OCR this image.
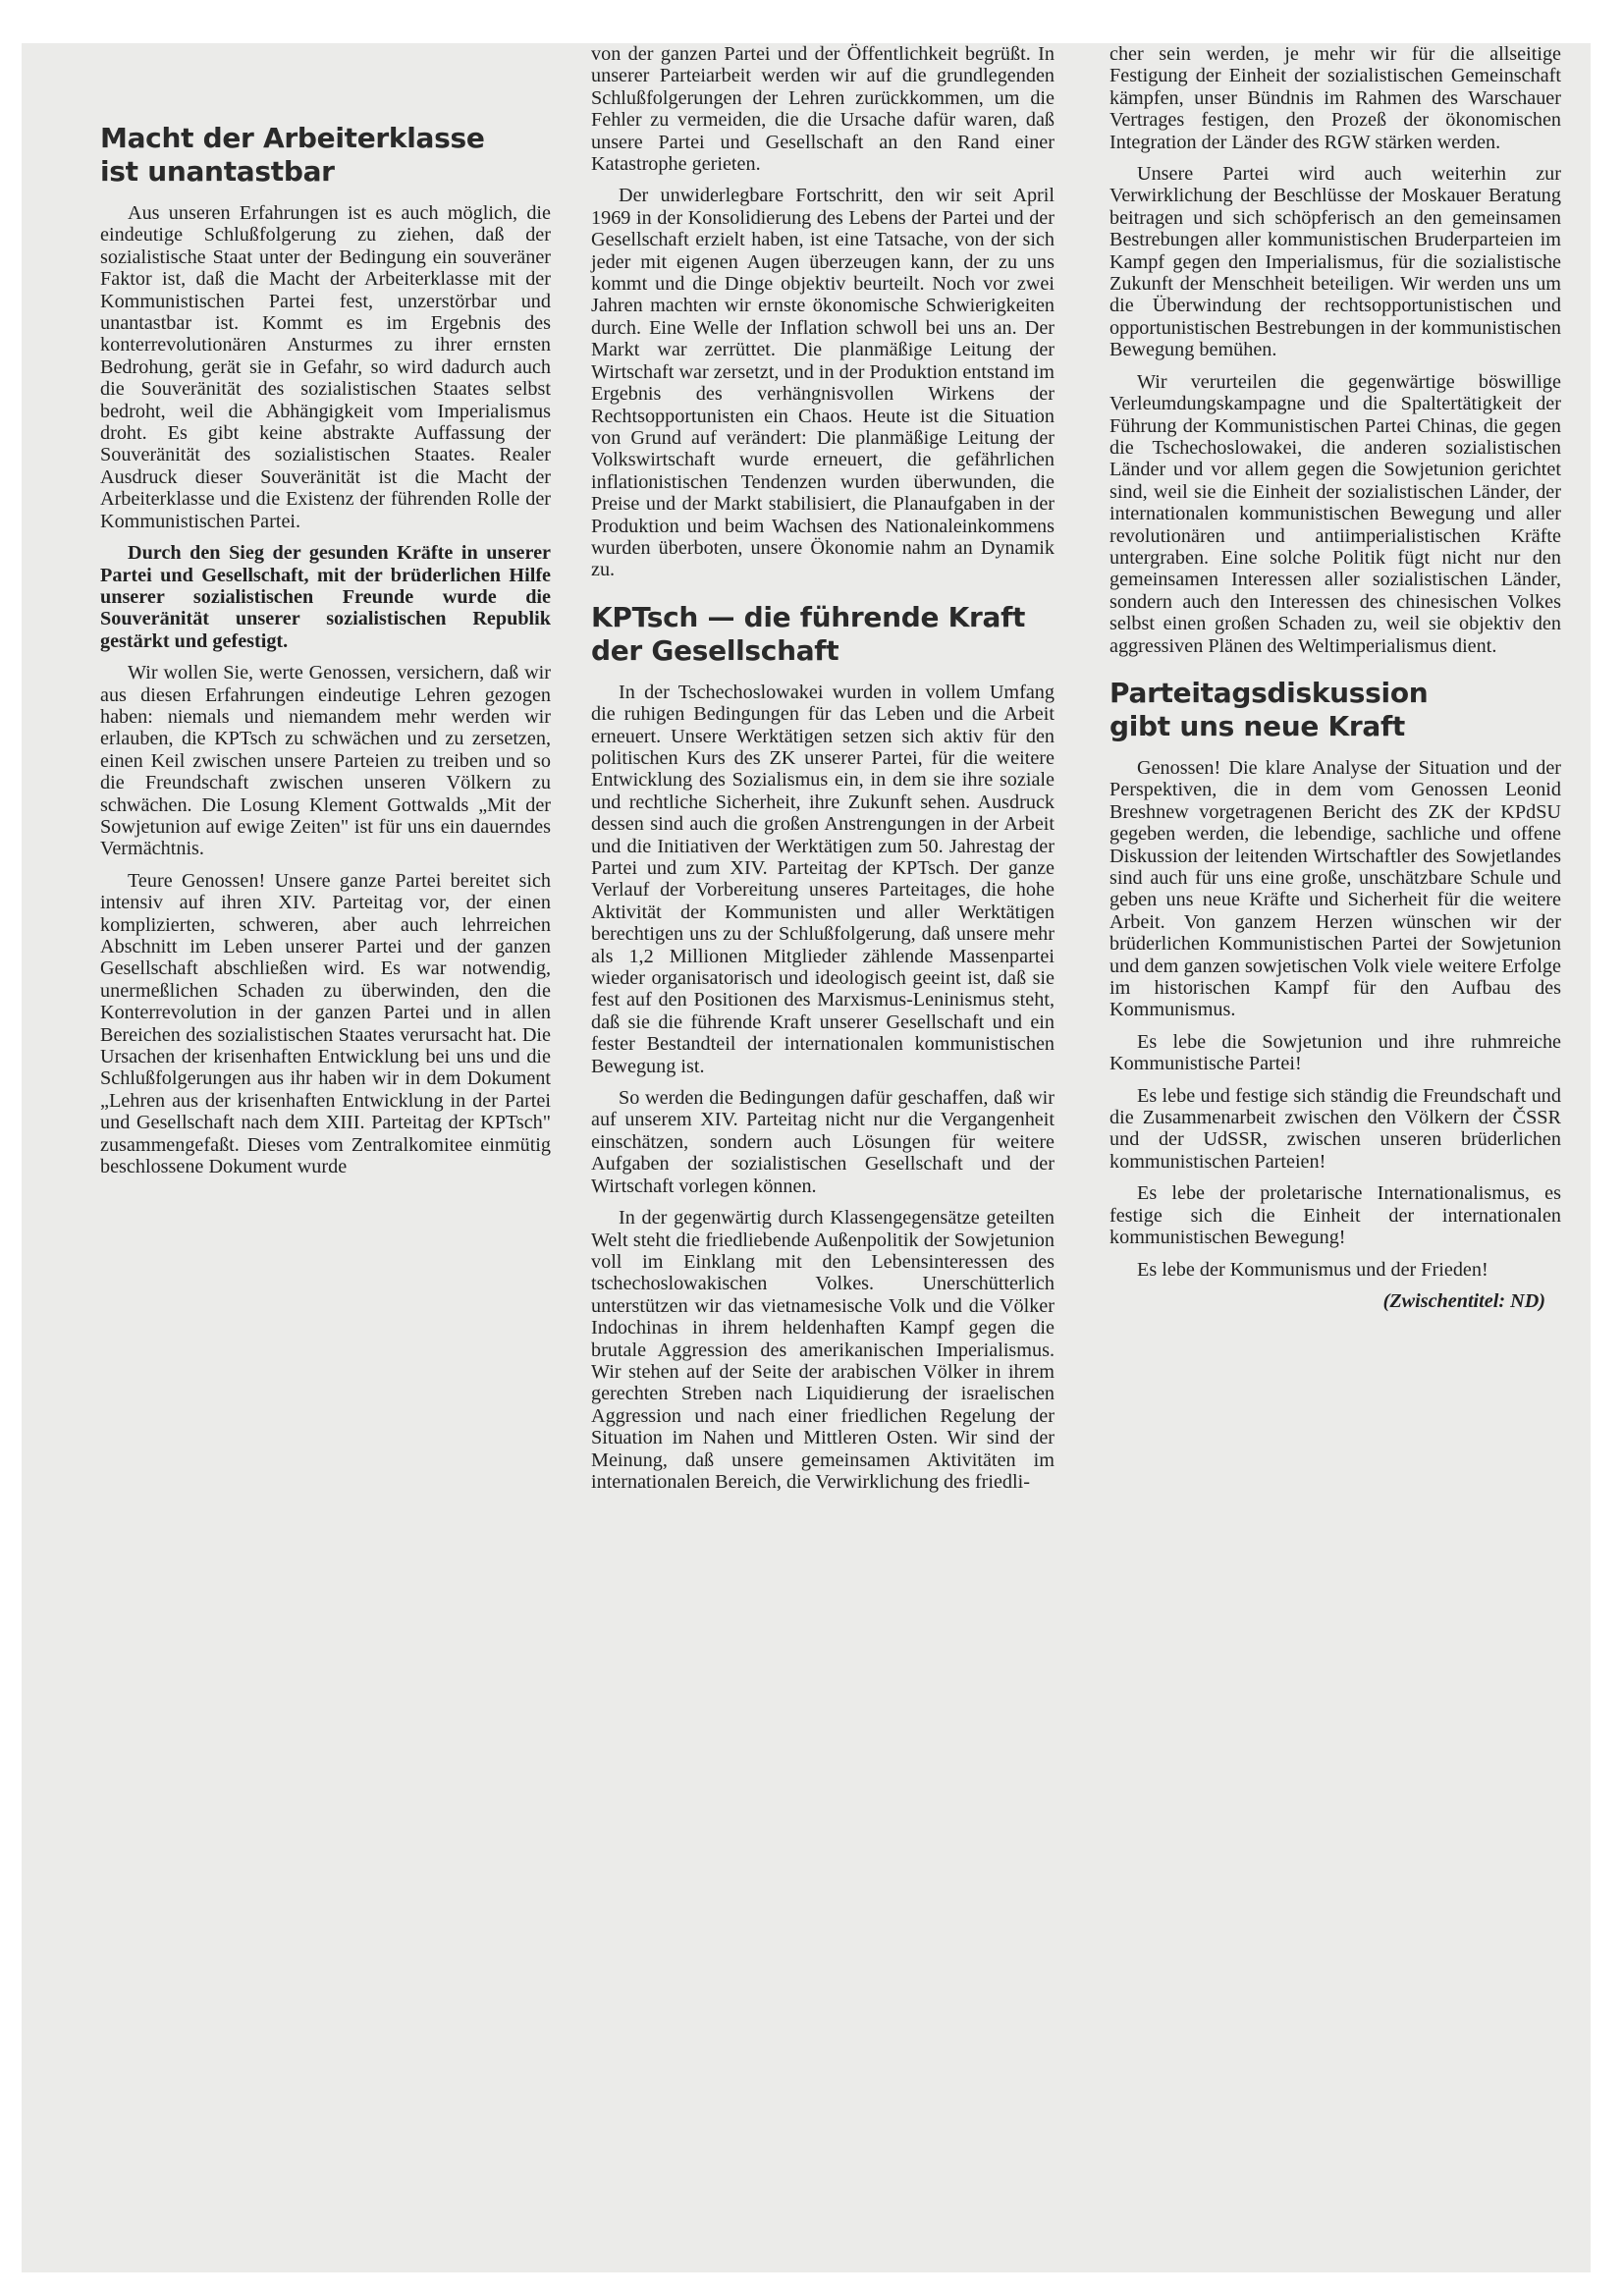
Macht der Arbeiterklasse
ist unantastbar

Aus unseren Erfahrungen ist es auch möglich, die eindeutige Schlußfolgerung zu ziehen, daß der sozialistische Staat unter der Bedingung ein souveräner Faktor ist, daß die Macht der Arbeiterklasse mit der Kommunistischen Partei fest, unzerstörbar und unantastbar ist. Kommt es im Ergebnis des konterrevolutionären Ansturmes zu ihrer ernsten Bedrohung, gerät sie in Gefahr, so wird dadurch auch die Souveränität des sozialistischen Staates selbst bedroht, weil die Abhängigkeit vom Imperialismus droht. Es gibt keine abstrakte Auffassung der Souveränität des sozialistischen Staates. Realer Ausdruck dieser Souveränität ist die Macht der Arbeiterklasse und die Existenz der führenden Rolle der Kommunistischen Partei.

Durch den Sieg der gesunden Kräfte in unserer Partei und Gesellschaft, mit der brüderlichen Hilfe unserer sozialistischen Freunde wurde die Souveränität unserer sozialistischen Republik gestärkt und gefestigt.

Wir wollen Sie, werte Genossen, versichern, daß wir aus diesen Erfahrungen eindeutige Lehren gezogen haben: niemals und niemandem mehr werden wir erlauben, die KPTsch zu schwächen und zu zersetzen, einen Keil zwischen unsere Parteien zu treiben und so die Freundschaft zwischen unseren Völkern zu schwächen. Die Losung Klement Gottwalds „Mit der Sowjetunion auf ewige Zeiten" ist für uns ein dauerndes Vermächtnis.

Teure Genossen! Unsere ganze Partei bereitet sich intensiv auf ihren XIV. Parteitag vor, der einen komplizierten, schweren, aber auch lehrreichen Abschnitt im Leben unserer Partei und der ganzen Gesellschaft abschließen wird. Es war notwendig, unermeßlichen Schaden zu überwinden, den die Konterrevolution in der ganzen Partei und in allen Bereichen des sozialistischen Staates verursacht hat. Die Ursachen der krisenhaften Entwicklung bei uns und die Schlußfolgerungen aus ihr haben wir in dem Dokument „Lehren aus der krisenhaften Entwicklung in der Partei und Gesellschaft nach dem XIII. Parteitag der KPTsch" zusammengefaßt. Dieses vom Zentralkomitee einmütig beschlossene Dokument wurde

von der ganzen Partei und der Öffentlichkeit begrüßt. In unserer Parteiarbeit werden wir auf die grundlegenden Schlußfolgerungen der Lehren zurückkommen, um die Fehler zu vermeiden, die die Ursache dafür waren, daß unsere Partei und Gesellschaft an den Rand einer Katastrophe gerieten.

Der unwiderlegbare Fortschritt, den wir seit April 1969 in der Konsolidierung des Lebens der Partei und der Gesellschaft erzielt haben, ist eine Tatsache, von der sich jeder mit eigenen Augen überzeugen kann, der zu uns kommt und die Dinge objektiv beurteilt. Noch vor zwei Jahren machten wir ernste ökonomische Schwierigkeiten durch. Eine Welle der Inflation schwoll bei uns an. Der Markt war zerrüttet. Die planmäßige Leitung der Wirtschaft war zersetzt, und in der Produktion entstand im Ergebnis des verhängnisvollen Wirkens der Rechtsopportunisten ein Chaos. Heute ist die Situation von Grund auf verändert: Die planmäßige Leitung der Volkswirtschaft wurde erneuert, die gefährlichen inflationistischen Tendenzen wurden überwunden, die Preise und der Markt stabilisiert, die Planaufgaben in der Produktion und beim Wachsen des Nationaleinkommens wurden überboten, unsere Ökonomie nahm an Dynamik zu.

KPTsch — die führende Kraft
der Gesellschaft

In der Tschechoslowakei wurden in vollem Umfang die ruhigen Bedingungen für das Leben und die Arbeit erneuert. Unsere Werktätigen setzen sich aktiv für den politischen Kurs des ZK unserer Partei, für die weitere Entwicklung des Sozialismus ein, in dem sie ihre soziale und rechtliche Sicherheit, ihre Zukunft sehen. Ausdruck dessen sind auch die großen Anstrengungen in der Arbeit und die Initiativen der Werktätigen zum 50. Jahrestag der Partei und zum XIV. Parteitag der KPTsch. Der ganze Verlauf der Vorbereitung unseres Parteitages, die hohe Aktivität der Kommunisten und aller Werktätigen berechtigen uns zu der Schlußfolgerung, daß unsere mehr als 1,2 Millionen Mitglieder zählende Massenpartei wieder organisatorisch und ideologisch geeint ist, daß sie fest auf den Positionen des Marxismus-Leninismus steht, daß sie die führende Kraft unserer Gesellschaft und ein fester Bestandteil der internationalen kommunistischen Bewegung ist.

So werden die Bedingungen dafür geschaffen, daß wir auf unserem XIV. Parteitag nicht nur die Vergangenheit einschätzen, sondern auch Lösungen für weitere Aufgaben der sozialistischen Gesellschaft und der Wirtschaft vorlegen können.

In der gegenwärtig durch Klassengegensätze geteilten Welt steht die friedliebende Außenpolitik der Sowjetunion voll im Einklang mit den Lebensinteressen des tschechoslowakischen Volkes. Unerschütterlich unterstützen wir das vietnamesische Volk und die Völker Indochinas in ihrem heldenhaften Kampf gegen die brutale Aggression des amerikanischen Imperialismus. Wir stehen auf der Seite der arabischen Völker in ihrem gerechten Streben nach Liquidierung der israelischen Aggression und nach einer friedlichen Regelung der Situation im Nahen und Mittleren Osten. Wir sind der Meinung, daß unsere gemeinsamen Aktivitäten im internationalen Bereich, die Verwirklichung des friedli-

cher sein werden, je mehr wir für die allseitige Festigung der Einheit der sozialistischen Gemeinschaft kämpfen, unser Bündnis im Rahmen des Warschauer Vertrages festigen, den Prozeß der ökonomischen Integration der Länder des RGW stärken werden.

Unsere Partei wird auch weiterhin zur Verwirklichung der Beschlüsse der Moskauer Beratung beitragen und sich schöpferisch an den gemeinsamen Bestrebungen aller kommunistischen Bruderparteien im Kampf gegen den Imperialismus, für die sozialistische Zukunft der Menschheit beteiligen. Wir werden uns um die Überwindung der rechtsopportunistischen und opportunistischen Bestrebungen in der kommunistischen Bewegung bemühen.

Wir verurteilen die gegenwärtige böswillige Verleumdungskampagne und die Spaltertätigkeit der Führung der Kommunistischen Partei Chinas, die gegen die Tschechoslowakei, die anderen sozialistischen Länder und vor allem gegen die Sowjetunion gerichtet sind, weil sie die Einheit der sozialistischen Länder, der internationalen kommunistischen Bewegung und aller revolutionären und antiimperialistischen Kräfte untergraben. Eine solche Politik fügt nicht nur den gemeinsamen Interessen aller sozialistischen Länder, sondern auch den Interessen des chinesischen Volkes selbst einen großen Schaden zu, weil sie objektiv den aggressiven Plänen des Weltimperialismus dient.

Parteitagsdiskussion
gibt uns neue Kraft

Genossen! Die klare Analyse der Situation und der Perspektiven, die in dem vom Genossen Leonid Breshnew vorgetragenen Bericht des ZK der KPdSU gegeben werden, die lebendige, sachliche und offene Diskussion der leitenden Wirtschaftler des Sowjetlandes sind auch für uns eine große, unschätzbare Schule und geben uns neue Kräfte und Sicherheit für die weitere Arbeit. Von ganzem Herzen wünschen wir der brüderlichen Kommunistischen Partei der Sowjetunion und dem ganzen sowjetischen Volk viele weitere Erfolge im historischen Kampf für den Aufbau des Kommunismus.

Es lebe die Sowjetunion und ihre ruhmreiche Kommunistische Partei!

Es lebe und festige sich ständig die Freundschaft und die Zusammenarbeit zwischen den Völkern der ČSSR und der UdSSR, zwischen unseren brüderlichen kommunistischen Parteien!

Es lebe der proletarische Internationalismus, es festige sich die Einheit der internationalen kommunistischen Bewegung!

Es lebe der Kommunismus und der Frieden!

(Zwischentitel: ND)
